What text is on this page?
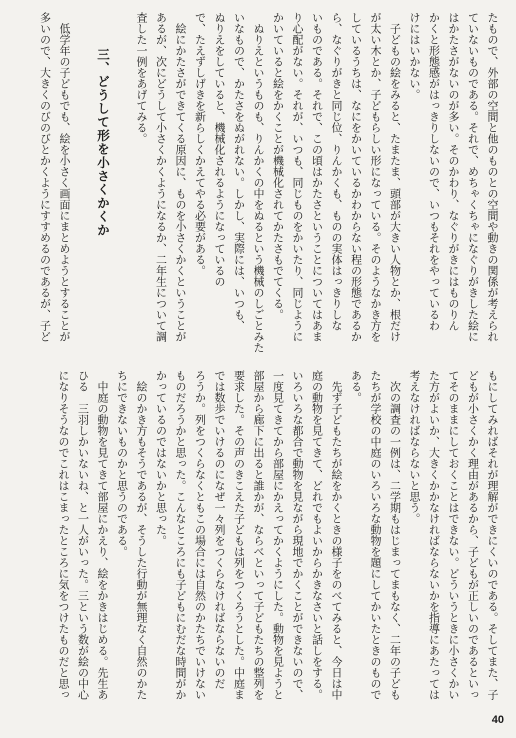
たもので、外部の空間と他のものとの空間や動きの関係が考えられ
ていないものである。それで、めちゃくちゃになぐりがきした絵に
はかたさがないのが多い。そのかわり、なぐりがきにはものりん
かくと形態感がはっきりしないので、いつもそれをやっているわ
けにはいかない。
子どもの絵をみると、たまたま、頭部が大きい人物とか、根だけ
が太い木とか、子どもらしい形になっている。そのようなかき方を
しているうちは、なにをかいているかわからない程の形態であるか
ら、なぐりがきと同じ位、りんかくも、ものの実体はっきりしな
いものである。それで、この頃はかたさということについてはあま
り心配がない。それが、いつも、同じものをかいたり、同じように
かいていると絵をかくことが機械化されてかたさもでてくる。
ぬりえというものも、りんかくの中をぬるという機械のしごとみた
いなもので、かたさをぬがれない。しかし、実際には、いつも、
ぬりえをしていると、機械化されるようになっているの
で、たえずしげきを新らしくかえてやる必要がある。
絵にかたさができてくる原因に、ものを小さくかくということが
あるが、次にどうして小さくかくようになるか、二年生について調
査した一例をあげてみる。
三、どうして形を小さくかくか
低学年の子どもでも、絵を小さく画面にまとめようとすることが
多いので、大きくのびのびとかくようにすすめるのであるが、子ど
もにしてみればそれが理解ができにくいのである。そしてまた、子
どもが小さくかく理由があるから、子どもが正しいのであるといっ
てそのままにしておくことはできない。どういうときに小さくかい
た方がよいか、大きくかかなければならないかを指導にあたっては
考えなければならないと思う。
次の調査の一例は、二学期もはじまってまもなく、二年の子ども
たちが学校の中庭のいろいろな動物を題にしてかいたときのもので
ある。
先ず子どもたちが絵をかくときの様子をのべてみると、今日は中
庭の動物を見てきて、どれでもよいからかきなさいと話しをする。
いろいろな都合で動物を見ながら現地でかくことができないので、
一度見てきてから部屋にかえってかくようにした。動物を見ようと
部屋から廊下に出ると誰かが、ならべといって子どもたちの整列を
要求した。その声のきこえた子どもは列をつくろうとした。中庭ま
では数歩でいけるのになぜ一々列をつくらなければならないのだ
ろうか。列をつくらなくともこの場合には自然のかたちでいけない
ものだろうかと思った。こんなところにも子どもにむだな時間がか
かっているのではないかと思った。
絵のかき方もそうであるが、そうした行動が無理なく自然のかた
ちにできないものかと思うのである。
中庭の動物を見てきて部屋にかえり、絵をかきはじめる。先生あ
ひる　三羽しかいないね、と一人がいった。三という数が絵の中心
になりそうなのでこれはこまったところに気をつけたものだと思っ
40
